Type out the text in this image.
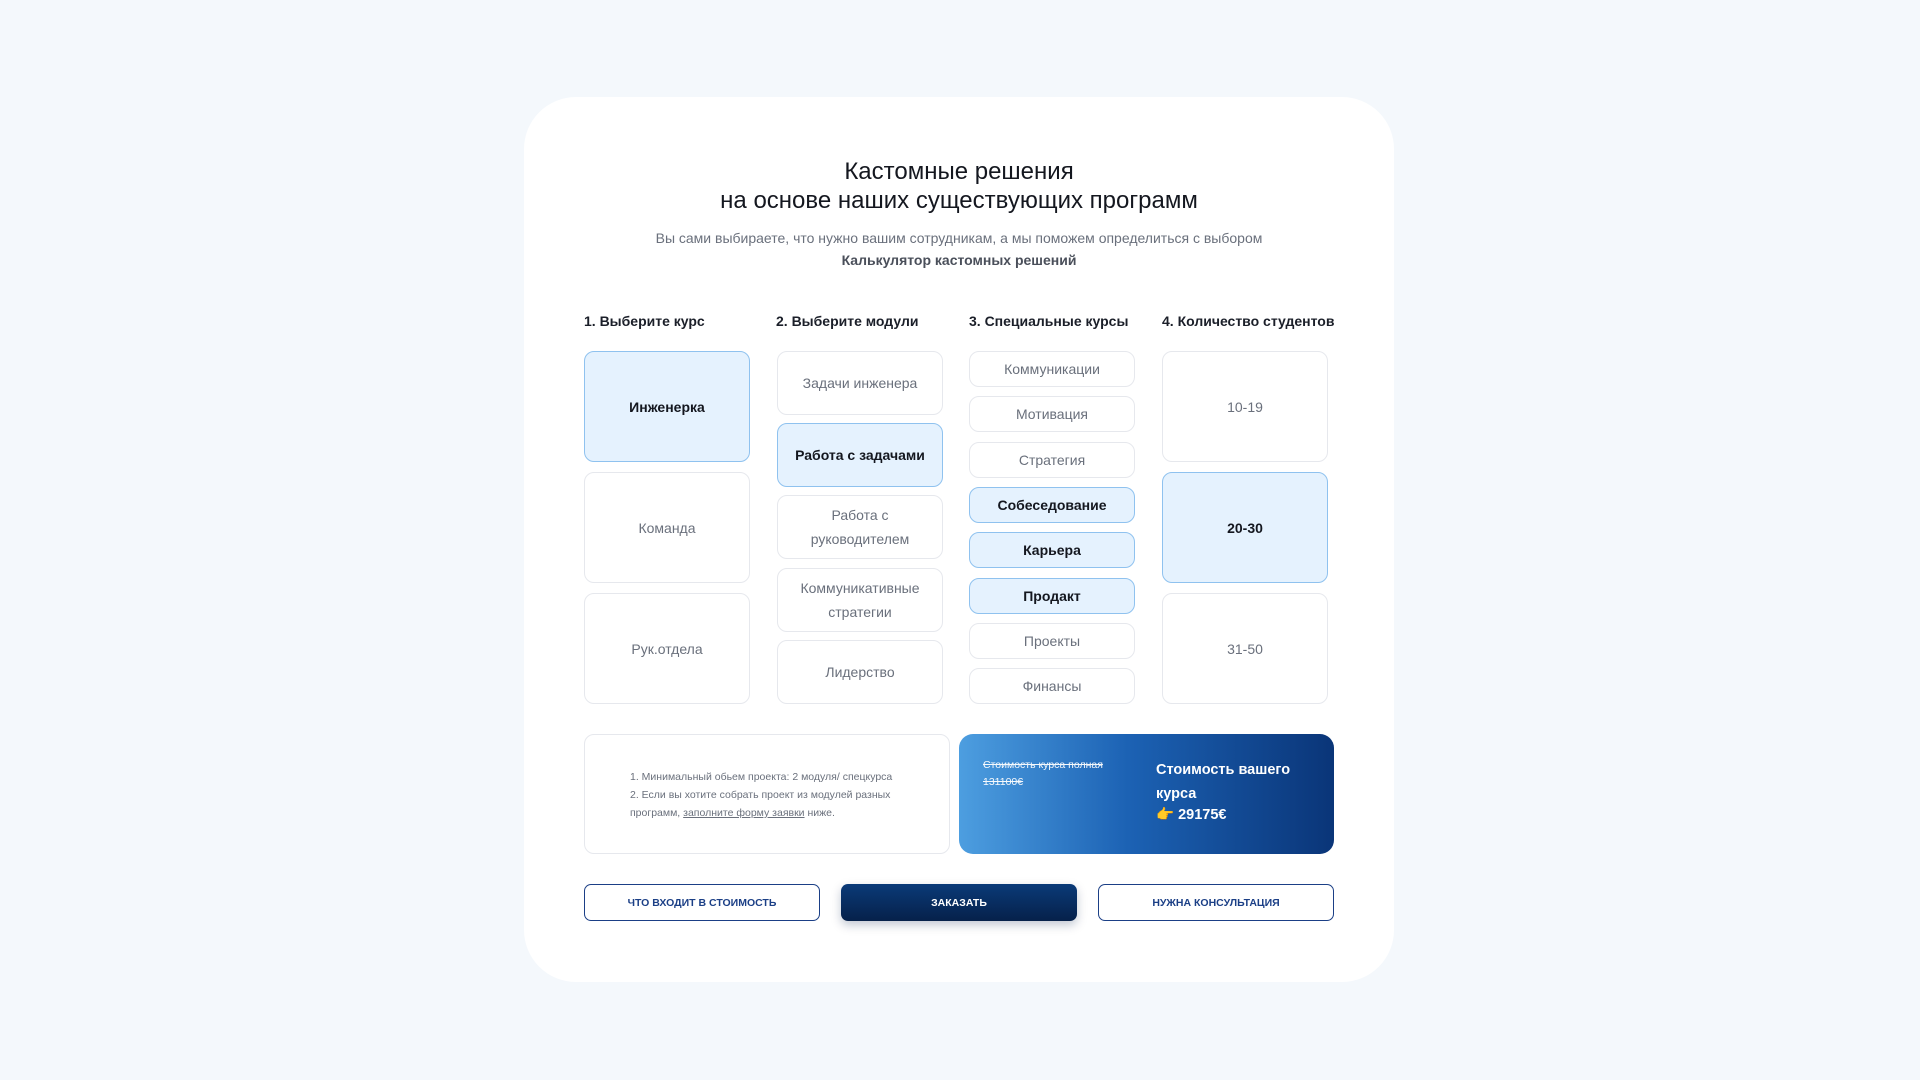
Кастомные решения
на основе наших существующих программ
Вы сами выбираете, что нужно вашим сотрудникам, а мы поможем определиться с выбором
Калькулятор кастомных решений
1. Выберите курс
Инженерка
Команда
Рук.отдела
2. Выберите модули
Задачи инженера
Работа с задачами
Работа с руководителем
Коммуникативные стратегии
Лидерство
3. Специальные курсы
Коммуникации
Мотивация
Стратегия
Собеседование
Карьера
Продакт
Проекты
Финансы
4. Количество студентов
10-19
20-30
31-50
1. Минимальный обьем проекта: 2 модуля/ спецкурса
2. Если вы хотите собрать проект из модулей разных
программ, заполните форму заявки ниже.
Стоимость курса полная
131100€
Стоимость вашего курса
👉 29175€
ЧТО ВХОДИТ В СТОИМОСТЬ	ЗАКАЗАТЬ	НУЖНА КОНСУЛЬТАЦИЯ
